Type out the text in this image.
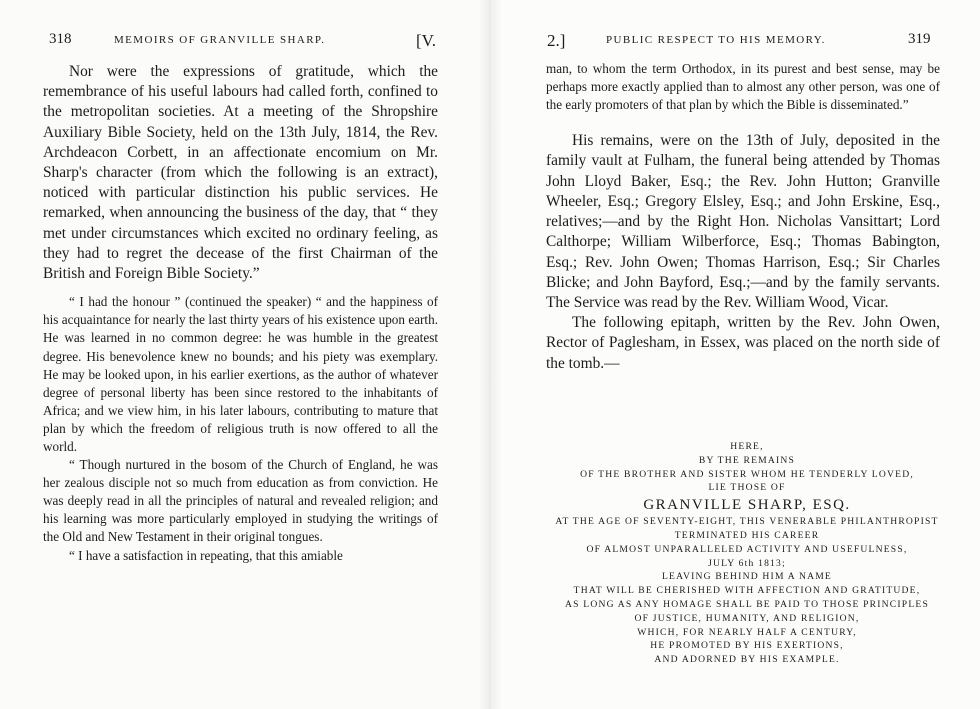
318	MEMOIRS OF GRANVILLE SHARP.	[V.	2.]	PUBLIC RESPECT TO HIS MEMORY.	319

Nor were the expressions of gratitude, which the remembrance of his useful labours had called forth, confined to the metropolitan societies. At a meeting of the Shropshire Auxiliary Bible Society, held on the 13th July, 1814, the Rev. Archdeacon Corbett, in an affectionate encomium on Mr. Sharp's character (from which the following is an extract), noticed with particular distinction his public services. He remarked, when announcing the business of the day, that “ they met under circumstances which excited no ordinary feeling, as they had to regret the decease of the first Chairman of the British and Foreign Bible Society.”

“ I had the honour ” (continued the speaker) “ and the happiness of his acquaintance for nearly the last thirty years of his existence upon earth. He was learned in no common degree: he was humble in the greatest degree. His benevolence knew no bounds; and his piety was exemplary. He may be looked upon, in his earlier exertions, as the author of whatever degree of personal liberty has been since restored to the inhabitants of Africa; and we view him, in his later labours, contributing to mature that plan by which the freedom of religious truth is now offered to all the world.

“ Though nurtured in the bosom of the Church of England, he was her zealous disciple not so much from education as from conviction. He was deeply read in all the principles of natural and revealed religion; and his learning was more particularly employed in studying the writings of the Old and New Testament in their original tongues.

“ I have a satisfaction in repeating, that this amiable

man, to whom the term Orthodox, in its purest and best sense, may be perhaps more exactly applied than to almost any other person, was one of the early promoters of that plan by which the Bible is disseminated.”

His remains, were on the 13th of July, deposited in the family vault at Fulham, the funeral being attended by Thomas John Lloyd Baker, Esq.; the Rev. John Hutton; Granville Wheeler, Esq.; Gregory Elsley, Esq.; and John Erskine, Esq., relatives;—and by the Right Hon. Nicholas Vansittart; Lord Calthorpe; William Wilberforce, Esq.; Thomas Babington, Esq.; Rev. John Owen; Thomas Harrison, Esq.; Sir Charles Blicke; and John Bayford, Esq.;—and by the family servants. The Service was read by the Rev. William Wood, Vicar.

The following epitaph, written by the Rev. John Owen, Rector of Paglesham, in Essex, was placed on the north side of the tomb.—

HERE,
BY THE REMAINS
OF THE BROTHER AND SISTER WHOM HE TENDERLY LOVED,
LIE THOSE OF
GRANVILLE SHARP, ESQ.
AT THE AGE OF SEVENTY-EIGHT, THIS VENERABLE PHILANTHROPIST
TERMINATED HIS CAREER
OF ALMOST UNPARALLELED ACTIVITY AND USEFULNESS,
JULY 6th 1813;
LEAVING BEHIND HIM A NAME
THAT WILL BE CHERISHED WITH AFFECTION AND GRATITUDE,
AS LONG AS ANY HOMAGE SHALL BE PAID TO THOSE PRINCIPLES
OF JUSTICE, HUMANITY, AND RELIGION,
WHICH, FOR NEARLY HALF A CENTURY,
HE PROMOTED BY HIS EXERTIONS,
AND ADORNED BY HIS EXAMPLE.
